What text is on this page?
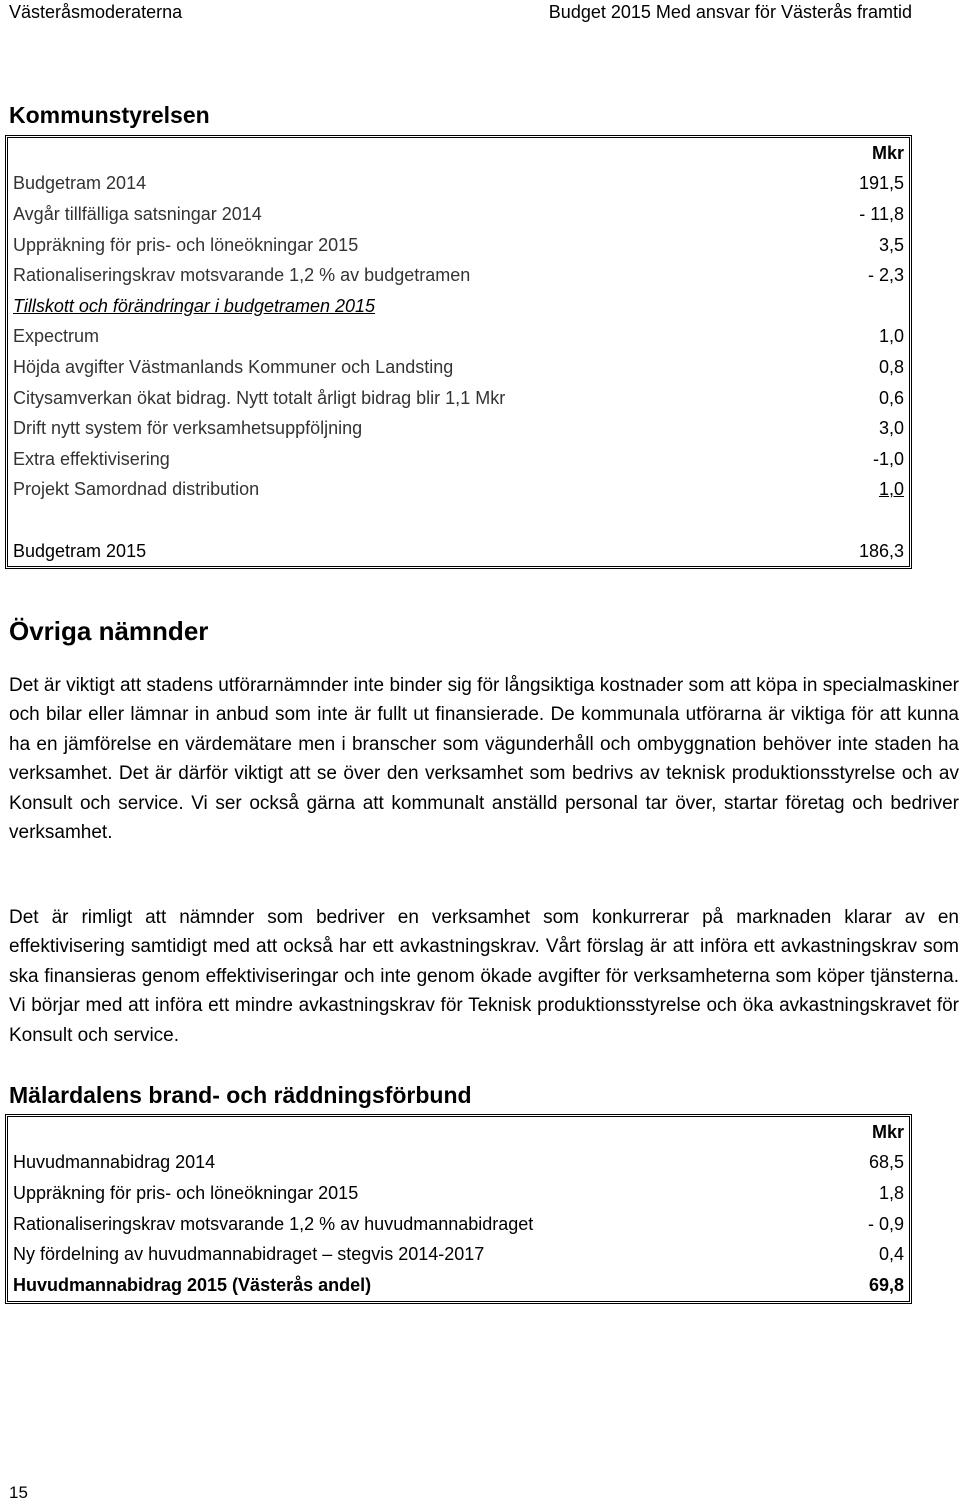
Västeråsmoderaterna	Budget 2015 Med ansvar för Västerås framtid
Kommunstyrelsen
	Mkr
Budgetram 2014	191,5
Avgår tillfälliga satsningar 2014	- 11,8
Uppräkning för pris- och löneökningar 2015	3,5
Rationaliseringskrav motsvarande 1,2 % av budgetramen	- 2,3
Tillskott och förändringar i budgetramen 2015	
Expectrum	1,0
Höjda avgifter Västmanlands Kommuner och Landsting	0,8
Citysamverkan ökat bidrag. Nytt totalt årligt bidrag blir 1,1 Mkr	0,6
Drift nytt system för verksamhetsuppföljning	3,0
Extra effektivisering	-1,0
Projekt Samordnad distribution	1,0

Budgetram 2015	186,3
Övriga nämnder

Det är viktigt att stadens utförarnämnder inte binder sig för långsiktiga kostnader som att köpa in specialmaskiner och bilar eller lämnar in anbud som inte är fullt ut finansierade. De kommunala utförarna är viktiga för att kunna ha en jämförelse en värdemätare men i branscher som vägunderhåll och ombyggnation behöver inte staden ha verksamhet. Det är därför viktigt att se över den verksamhet som bedrivs av teknisk produktionsstyrelse och av Konsult och service. Vi ser också gärna att kommunalt anställd personal tar över, startar företag och bedriver verksamhet.

Det är rimligt att nämnder som bedriver en verksamhet som konkurrerar på marknaden klarar av en effektivisering samtidigt med att också har ett avkastningskrav. Vårt förslag är att införa ett avkastningskrav som ska finansieras genom effektiviseringar och inte genom ökade avgifter för verksamheterna som köper tjänsterna. Vi börjar med att införa ett mindre avkastningskrav för Teknisk produktionsstyrelse och öka avkastningskravet för Konsult och service.

Mälardalens brand- och räddningsförbund
	Mkr
Huvudmannabidrag 2014	68,5
Uppräkning för pris- och löneökningar 2015	1,8
Rationaliseringskrav motsvarande 1,2 % av huvudmannabidraget	- 0,9
Ny fördelning av huvudmannabidraget – stegvis 2014-2017	0,4
Huvudmannabidrag 2015 (Västerås andel)	69,8
15
